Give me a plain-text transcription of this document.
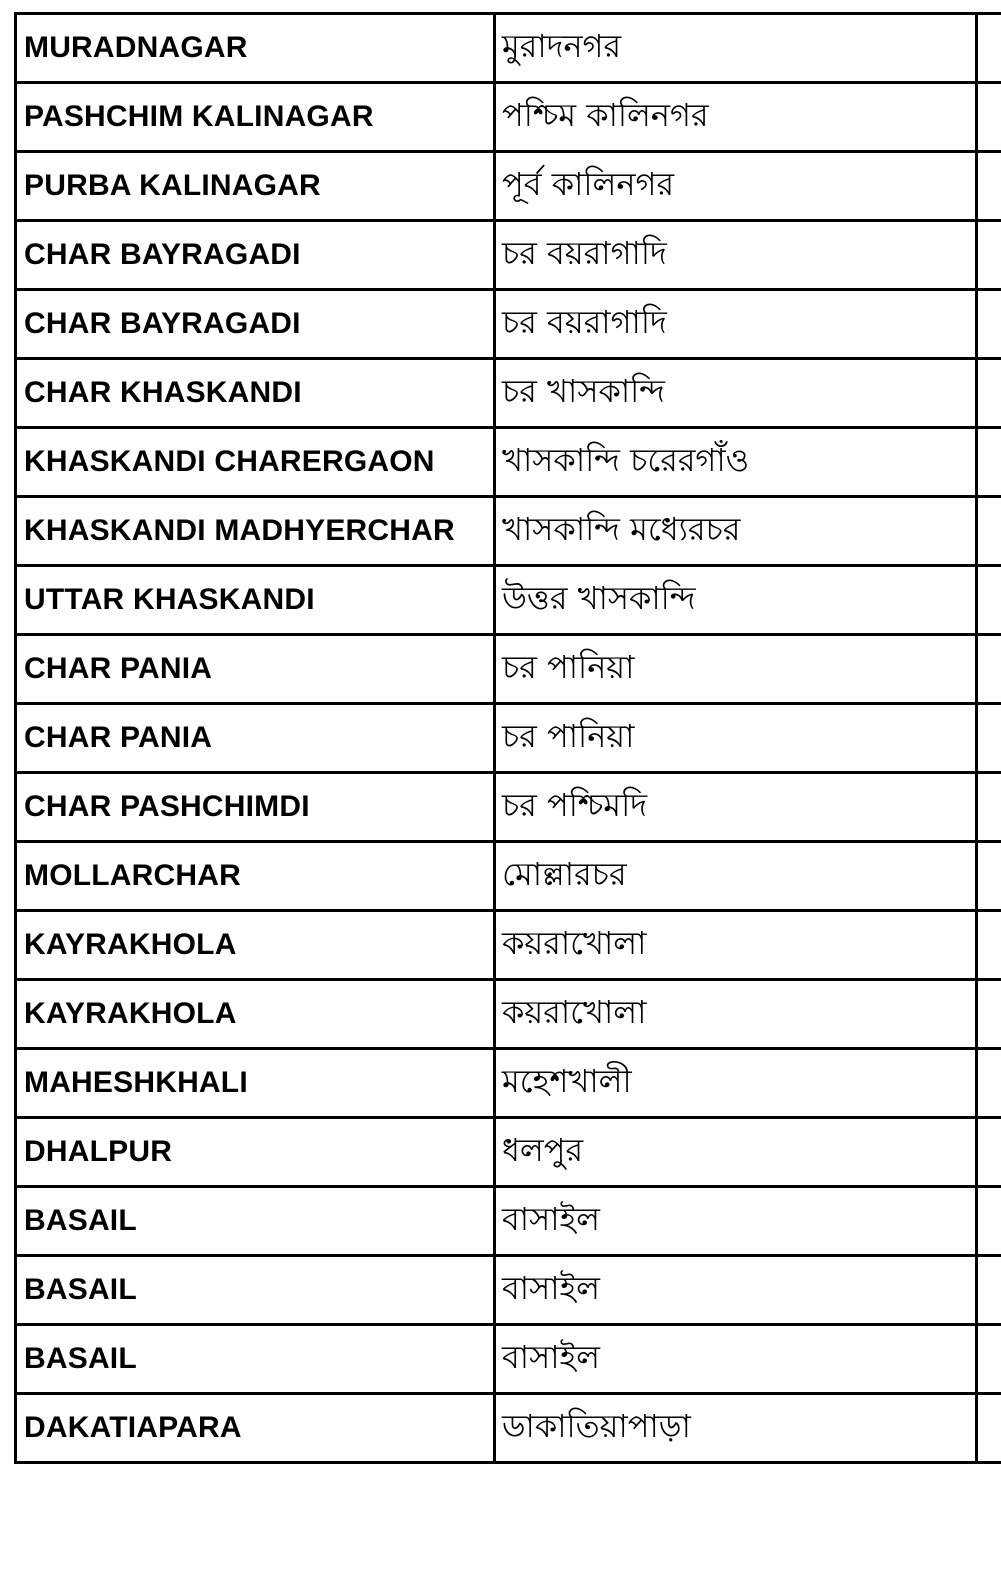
MURADNAGAR	মুরাদনগর
PASHCHIM KALINAGAR	পশ্চিম কালিনগর
PURBA KALINAGAR	পূর্ব কালিনগর
CHAR BAYRAGADI	চর বয়রাগাদি
CHAR BAYRAGADI	চর বয়রাগাদি
CHAR KHASKANDI	চর খাসকান্দি
KHASKANDI CHARERGAON	খাসকান্দি চরেরগাঁও
KHASKANDI MADHYERCHAR	খাসকান্দি মধ্যেরচর
UTTAR KHASKANDI	উত্তর খাসকান্দি
CHAR PANIA	চর পানিয়া
CHAR PANIA	চর পানিয়া
CHAR PASHCHIMDI	চর পশ্চিমদি
MOLLARCHAR	মোল্লারচর
KAYRAKHOLA	কয়রাখোলা
KAYRAKHOLA	কয়রাখোলা
MAHESHKHALI	মহেশখালী
DHALPUR	ধলপুর
BASAIL	বাসাইল
BASAIL	বাসাইল
BASAIL	বাসাইল
DAKATIAPARA	ডাকাতিয়াপাড়া
